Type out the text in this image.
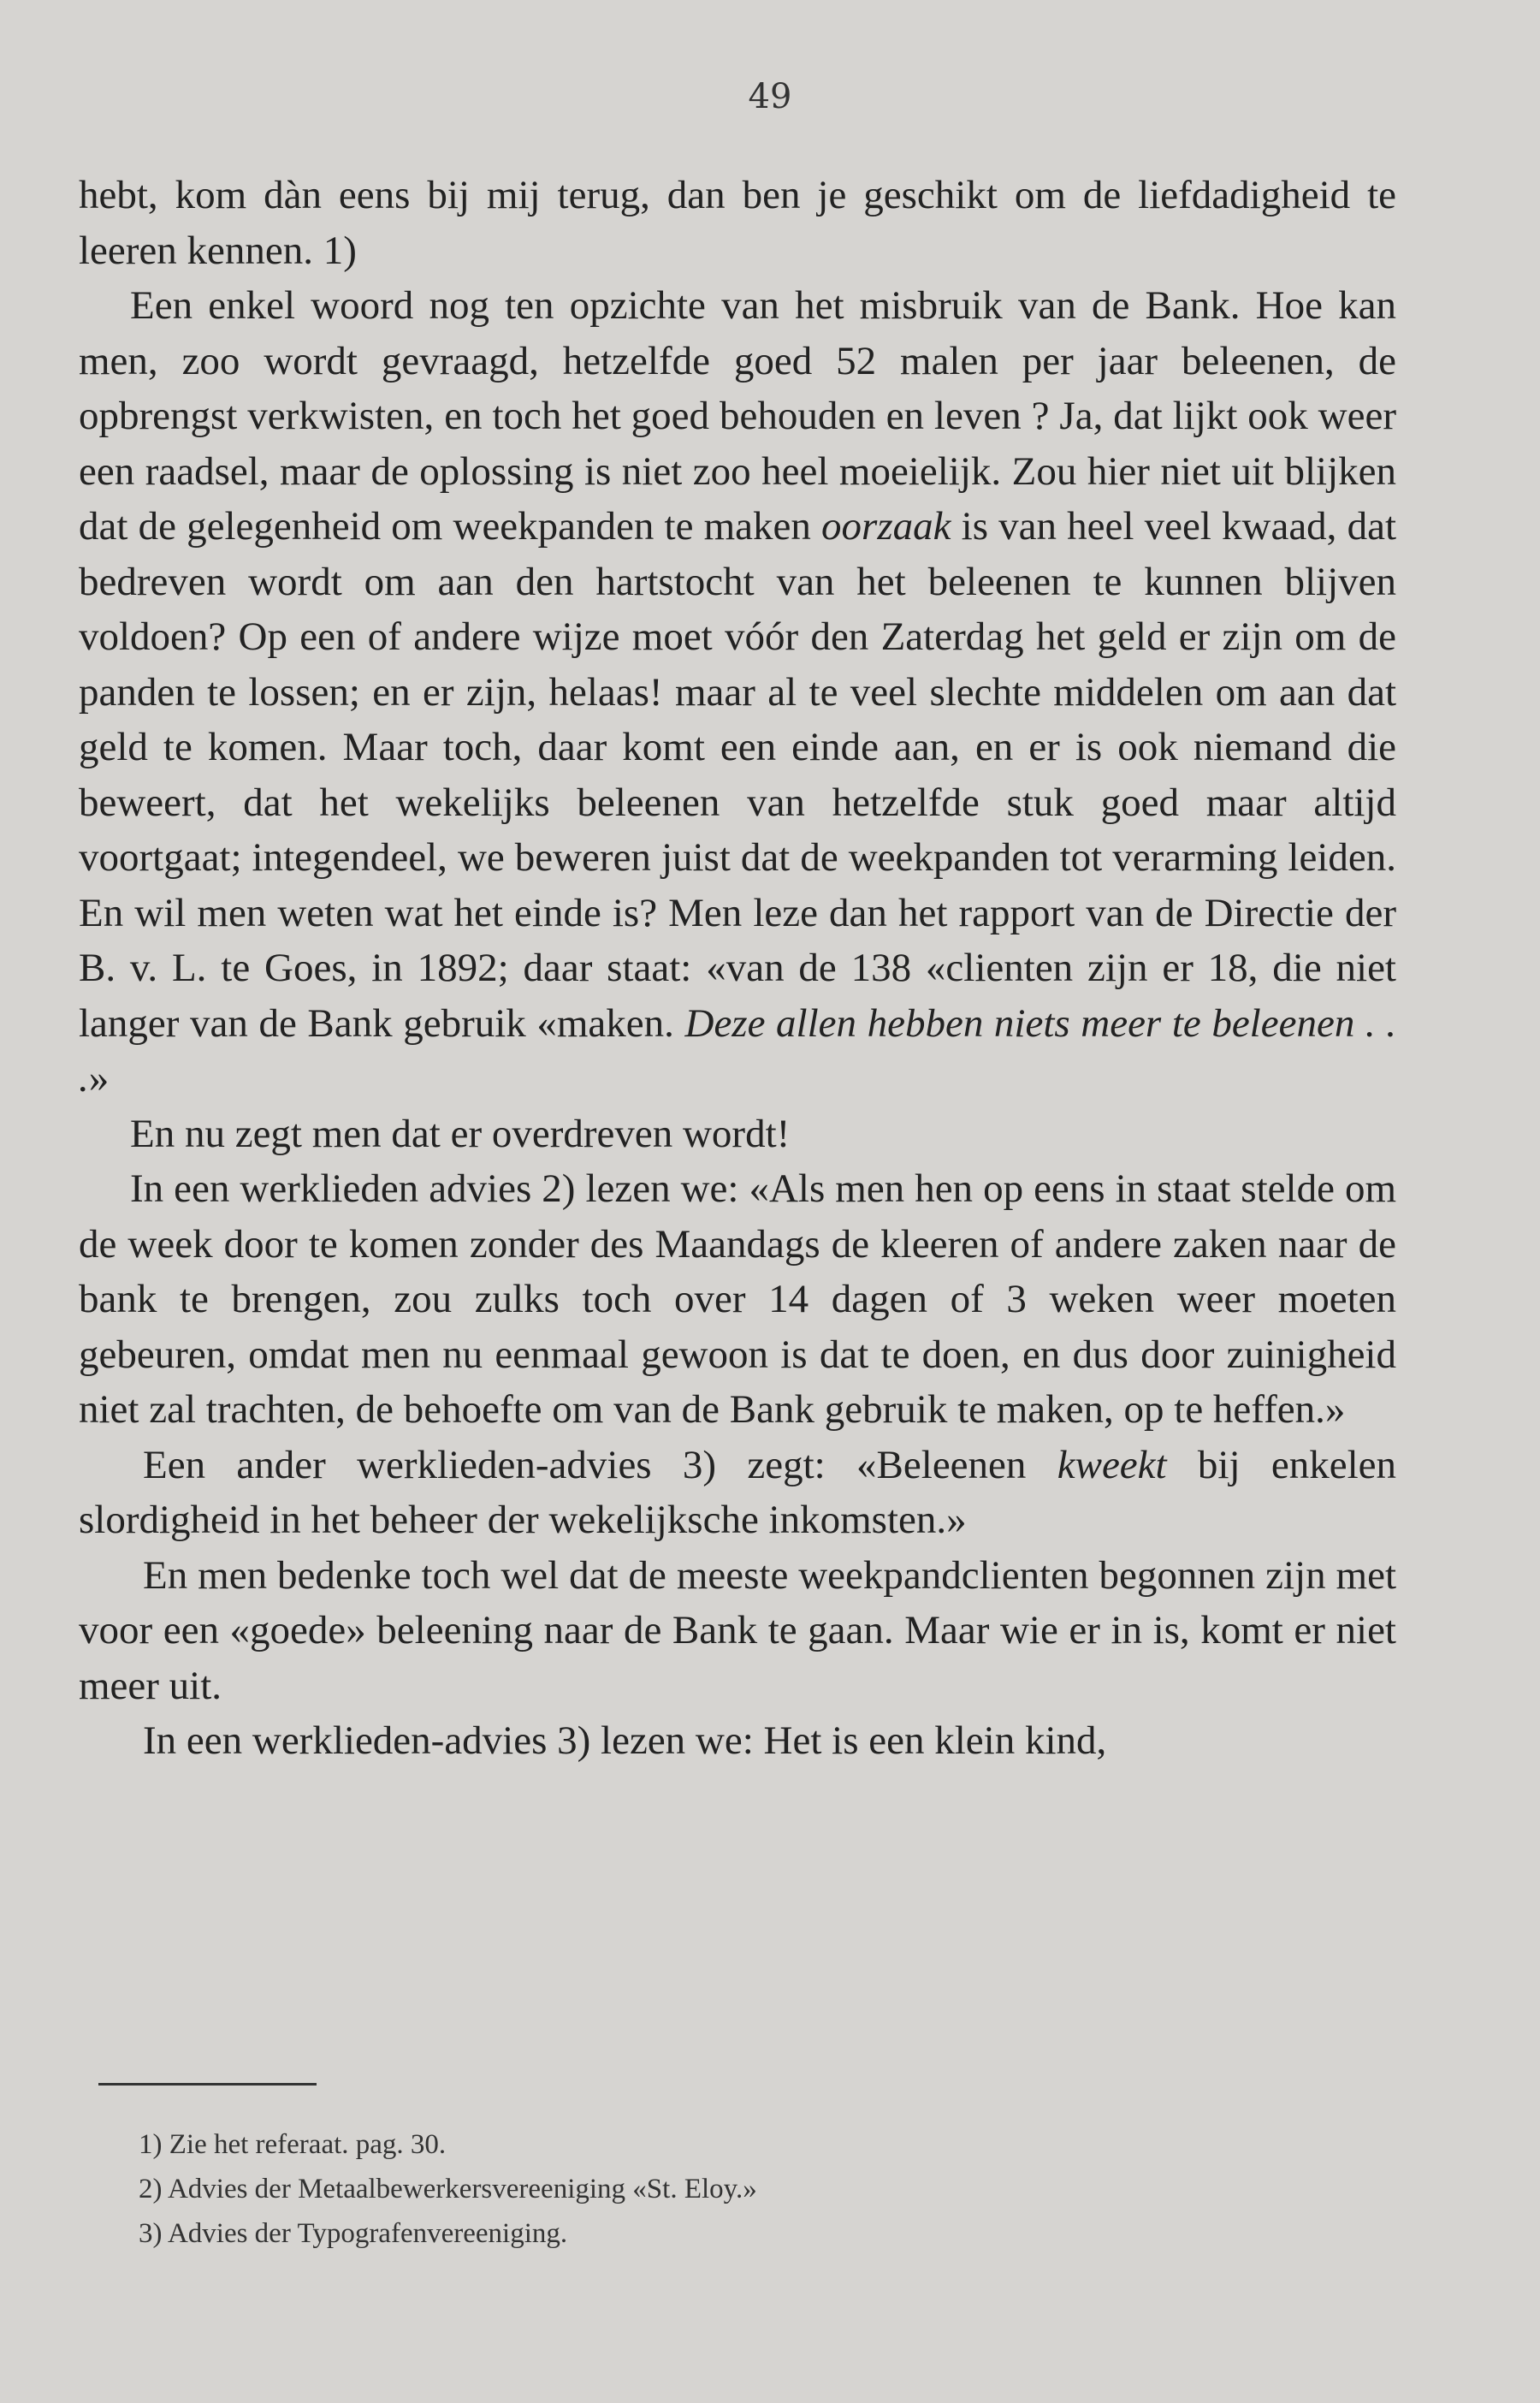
49

hebt, kom dàn eens bij mij terug, dan ben je geschikt om de liefdadigheid te leeren kennen. 1)

Een enkel woord nog ten opzichte van het misbruik van de Bank. Hoe kan men, zoo wordt gevraagd, hetzelfde goed 52 malen per jaar beleenen, de opbrengst verkwisten, en toch het goed behouden en leven ? Ja, dat lijkt ook weer een raadsel, maar de oplossing is niet zoo heel moeielijk. Zou hier niet uit blijken dat de gelegenheid om weekpanden te maken oorzaak is van heel veel kwaad, dat bedreven wordt om aan den hartstocht van het beleenen te kunnen blijven voldoen? Op een of andere wijze moet vóór den Zaterdag het geld er zijn om de panden te lossen; en er zijn, helaas! maar al te veel slechte middelen om aan dat geld te komen. Maar toch, daar komt een einde aan, en er is ook niemand die beweert, dat het wekelijks beleenen van hetzelfde stuk goed maar altijd voortgaat; integendeel, we beweren juist dat de weekpanden tot verarming leiden. En wil men weten wat het einde is? Men leze dan het rapport van de Directie der B. v. L. te Goes, in 1892; daar staat: «van de 138 «clienten zijn er 18, die niet langer van de Bank gebruik «maken. Deze allen hebben niets meer te beleenen . . .»

En nu zegt men dat er overdreven wordt!

In een werklieden advies 2) lezen we: «Als men hen op eens in staat stelde om de week door te komen zonder des Maandags de kleeren of andere zaken naar de bank te brengen, zou zulks toch over 14 dagen of 3 weken weer moeten gebeuren, omdat men nu eenmaal gewoon is dat te doen, en dus door zuinigheid niet zal trachten, de behoefte om van de Bank gebruik te maken, op te heffen.»

Een ander werklieden-advies 3) zegt: «Beleenen kweekt bij enkelen slordigheid in het beheer der wekelijksche inkomsten.»

En men bedenke toch wel dat de meeste weekpandclienten begonnen zijn met voor een «goede» beleening naar de Bank te gaan. Maar wie er in is, komt er niet meer uit.

In een werklieden-advies 3) lezen we: Het is een klein kind,

1) Zie het referaat. pag. 30.

2) Advies der Metaalbewerkersvereeniging «St. Eloy.»

3) Advies der Typografenvereeniging.
